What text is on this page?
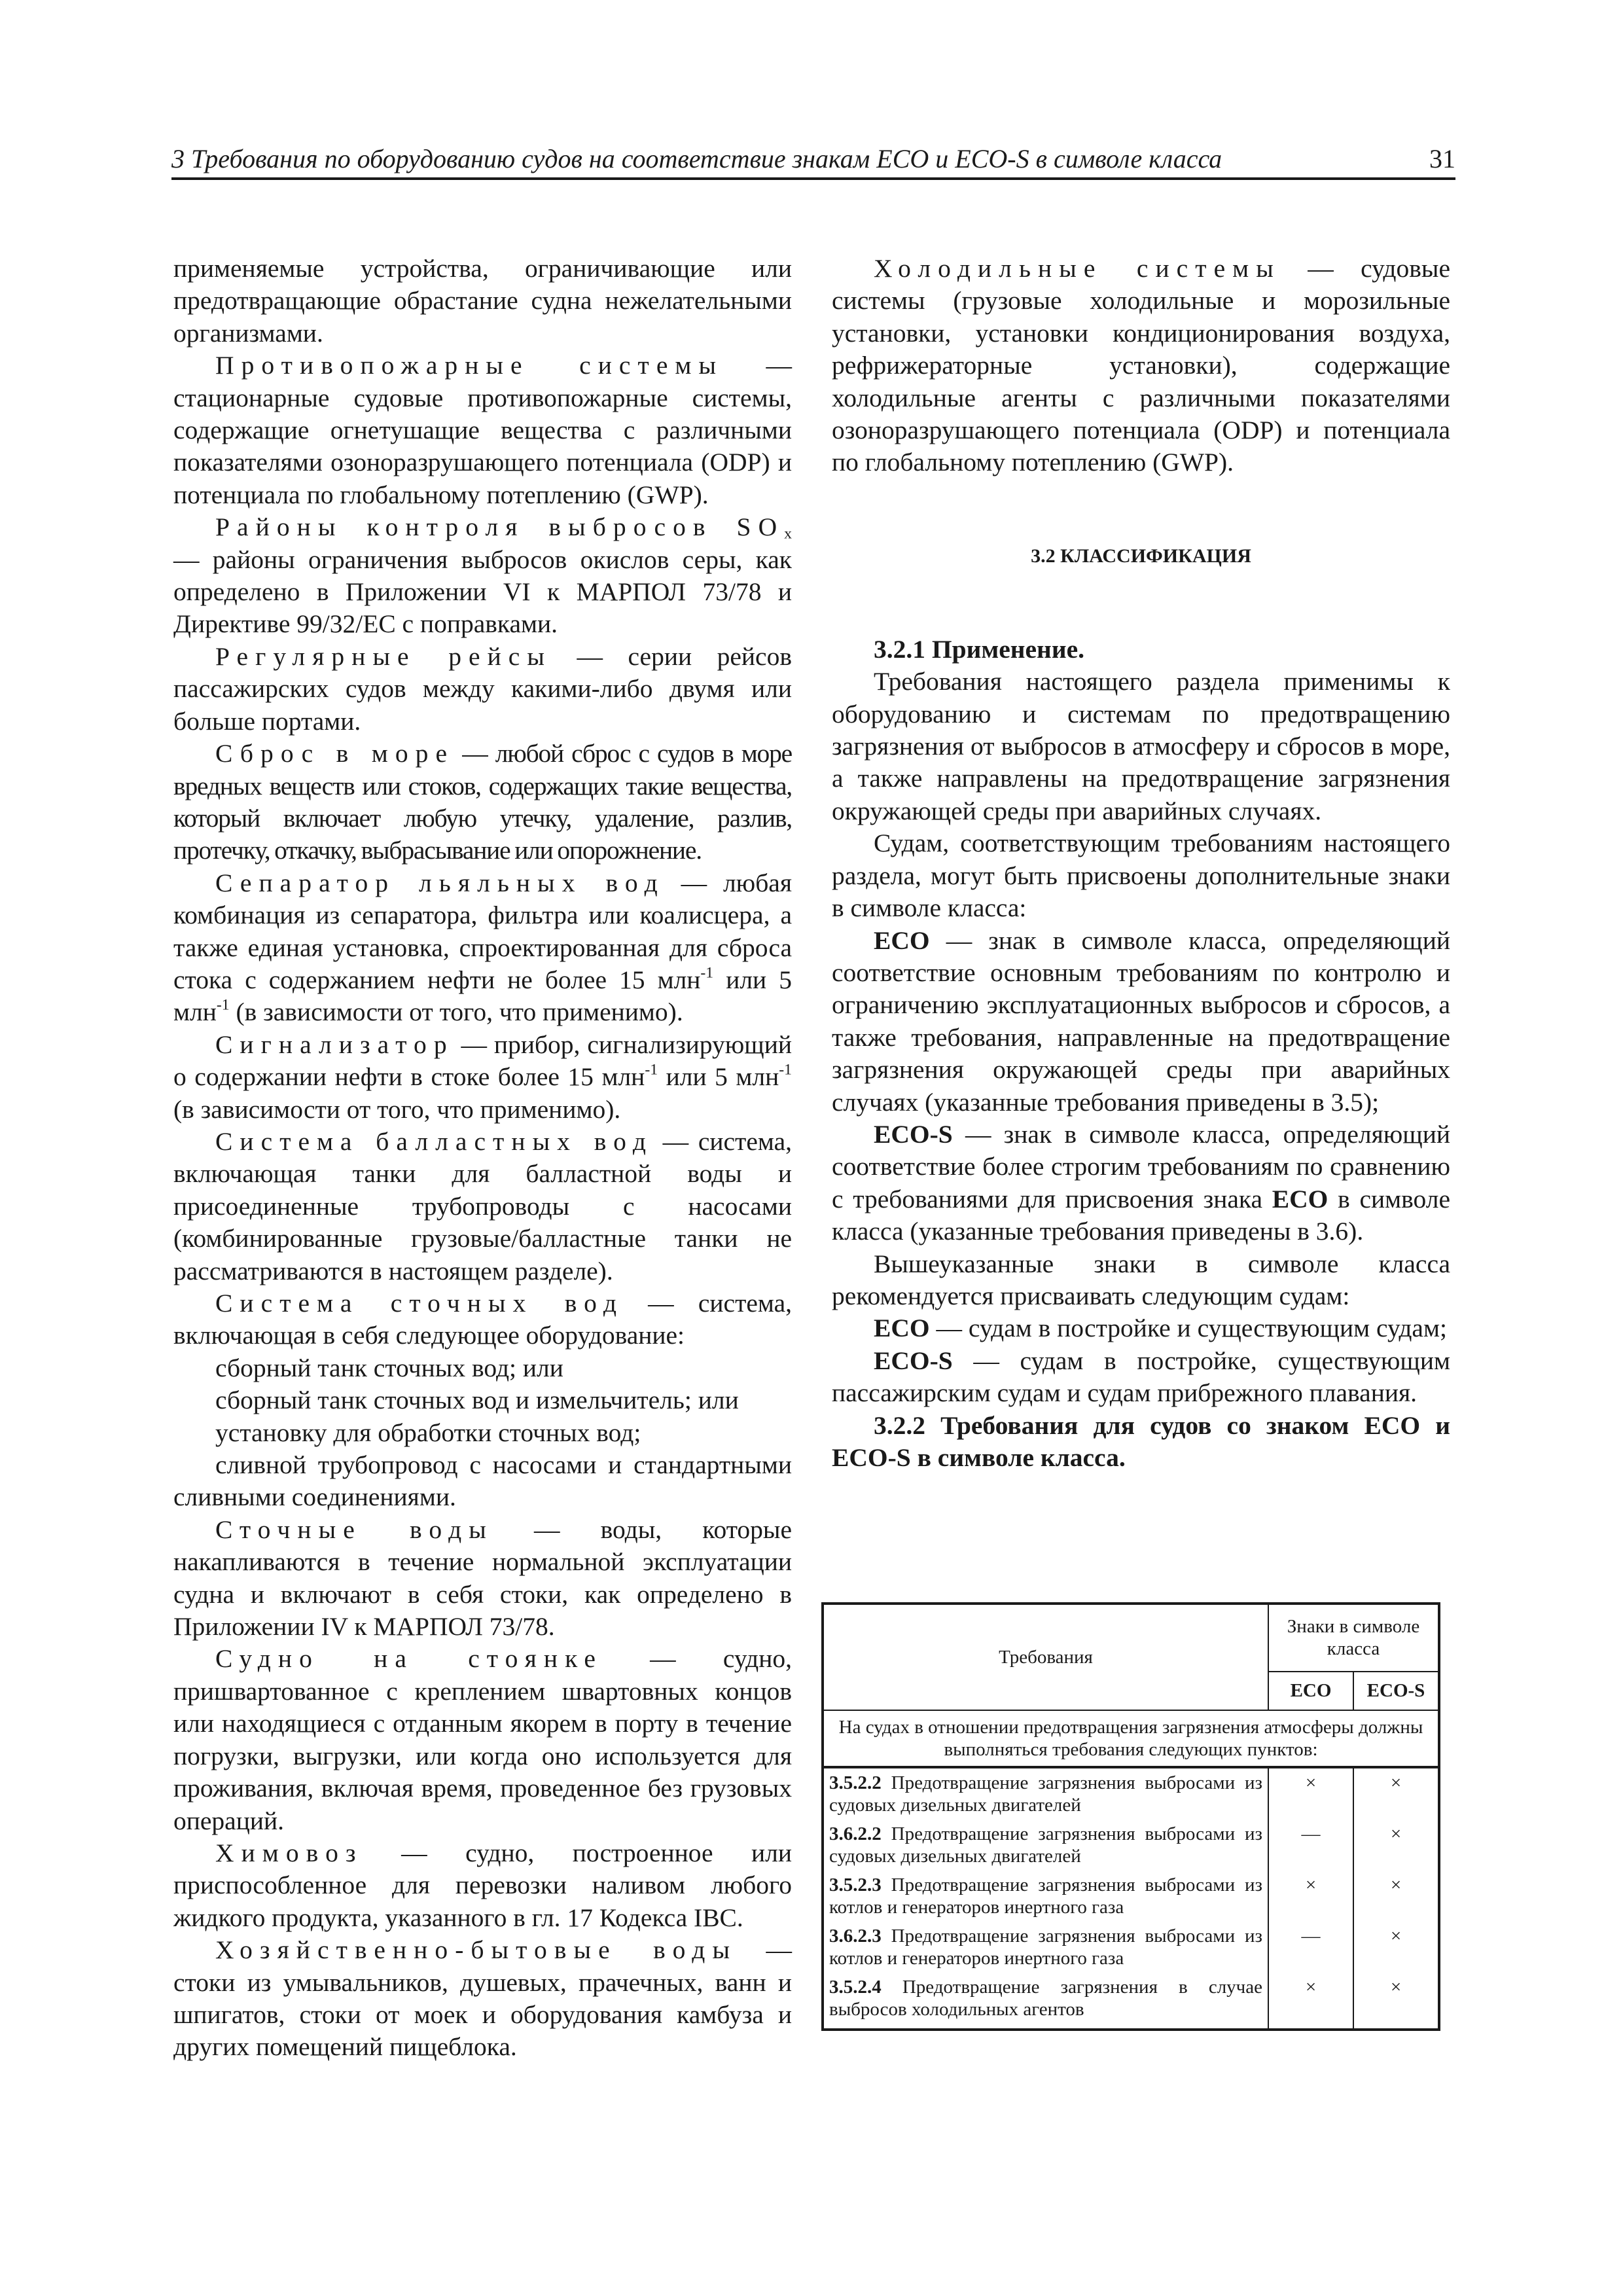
3 Требования по оборудованию судов на соответствие знакам ЕСО и ECO-S в символе класса	31

применяемые устройства, ограничивающие или предотвращающие обрастание судна нежелательными организмами.

Противопожарные системы — стационарные судовые противопожарные системы, содержащие огнетушащие вещества с различными показателями озоноразрушающего потенциала (ODP) и потенциала по глобальному потеплению (GWP).

Районы контроля выбросов $SO_x$ — районы ограничения выбросов окислов серы, как определено в Приложении VI к МАРПОЛ 73/78 и Директиве 99/32/ЕС с поправками.

Регулярные рейсы — серии рейсов пассажирских судов между какими-либо двумя или больше портами.

Сброс в море — любой сброс с судов в море вредных веществ или стоков, содержащих такие вещества, который включает любую утечку, удаление, разлив, протечку, откачку, выбрасывание или опорожнение.

Сепаратор льяльных вод — любая комбинация из сепаратора, фильтра или коалисцера, а также единая установка, спроектированная для сброса стока с содержанием нефти не более 15 млн$^{-1}$ или 5 млн$^{-1}$ (в зависимости от того, что применимо).

Сигнализатор — прибор, сигнализирующий о содержании нефти в стоке более 15 млн$^{-1}$ или 5 млн$^{-1}$ (в зависимости от того, что применимо).

Система балластных вод — система, включающая танки для балластной воды и присоединенные трубопроводы с насосами (комбинированные грузовые/балластные танки не рассматриваются в настоящем разделе).

Система сточных вод — система, включающая в себя следующее оборудование:

сборный танк сточных вод; или

сборный танк сточных вод и измельчитель; или

установку для обработки сточных вод;

сливной трубопровод с насосами и стандартными сливными соединениями.

Сточные воды — воды, которые накапливаются в течение нормальной эксплуатации судна и включают в себя стоки, как определено в Приложении IV к МАРПОЛ 73/78.

Судно на стоянке — судно, пришвартованное с креплением швартовных концов или находящиеся с отданным якорем в порту в течение погрузки, выгрузки, или когда оно используется для проживания, включая время, проведенное без грузовых операций.

Химовоз — судно, построенное или приспособленное для перевозки наливом любого жидкого продукта, указанного в гл. 17 Кодекса IBC.

Хозяйственно-бытовые воды — стоки из умывальников, душевых, прачечных, ванн и шпигатов, стоки от моек и оборудования камбуза и других помещений пищеблока.

Холодильные системы — судовые системы (грузовые холодильные и морозильные установки, установки кондиционирования воздуха, рефрижераторные установки), содержащие холодильные агенты с различными показателями озоноразрушающего потенциала (ODP) и потенциала по глобальному потеплению (GWP).

3.2 КЛАССИФИКАЦИЯ

3.2.1 Применение.

Требования настоящего раздела применимы к оборудованию и системам по предотвращению загрязнения от выбросов в атмосферу и сбросов в море, а также направлены на предотвращение загрязнения окружающей среды при аварийных случаях.

Судам, соответствующим требованиям настоящего раздела, могут быть присвоены дополнительные знаки в символе класса:

ECO — знак в символе класса, определяющий соответствие основным требованиям по контролю и ограничению эксплуатационных выбросов и сбросов, а также требования, направленные на предотвращение загрязнения окружающей среды при аварийных случаях (указанные требования приведены в 3.5);

ECO-S — знак в символе класса, определяющий соответствие более строгим требованиям по сравнению с требованиями для присвоения знака ЕСО в символе класса (указанные требования приведены в 3.6).

Вышеуказанные знаки в символе класса рекомендуется присваивать следующим судам:

ECO — судам в постройке и существующим судам;

ECO-S — судам в постройке, существующим пассажирским судам и судам прибрежного плавания.

3.2.2 Требования для судов со знаком ЕСО и ECO-S в символе класса.

Требования	Знаки в символе класса	
	ECO	ECO-S
На судах в отношении предотвращения загрязнения атмосферы должны выполняться требования следующих пунктов:		
3.5.2.2 Предотвращение загрязнения выбросами из судовых дизельных двигателей	×	×
3.6.2.2 Предотвращение загрязнения выбросами из судовых дизельных двигателей	—	×
3.5.2.3 Предотвращение загрязнения выбросами из котлов и генераторов инертного газа	×	×
3.6.2.3 Предотвращение загрязнения выбросами из котлов и генераторов инертного газа	—	×
3.5.2.4 Предотвращение загрязнения в случае выбросов холодильных агентов	×	×
